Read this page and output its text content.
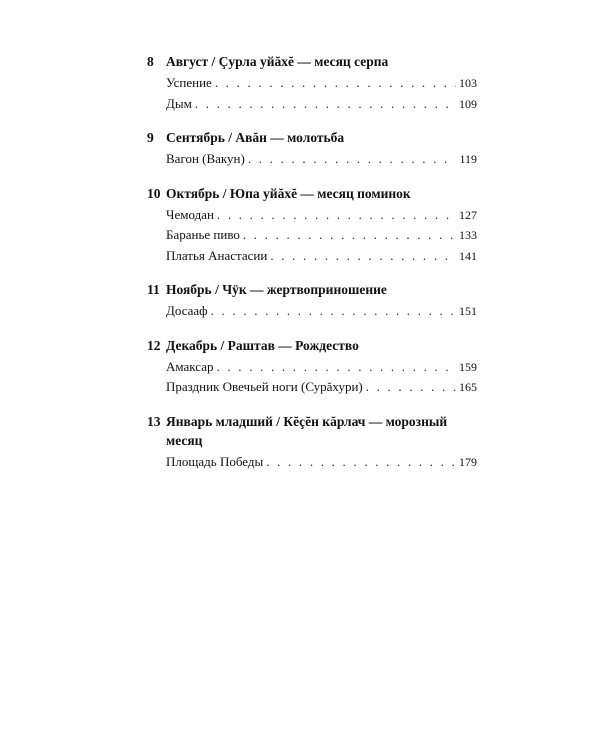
8 Август / Çурла уйăхĕ — месяц серпа
Успение . . .	103
Дым . . .	109
9 Сентябрь / Авăн — молотьба
Вагон (Вакун) . . .	119
10 Октябрь / Юпа уйăхĕ — месяц поминок
Чемодан . . .	127
Баранье пиво . . .	133
Платья Анастасии . . .	141
11 Ноябрь / Чÿк — жертвоприношение
Досааф . . .	151
12 Декабрь / Раштав — Рождество
Амаксар . . .	159
Праздник Овечьей ноги (Сурăхури) . . .	165
13 Январь младший / Кĕçĕн кăрлач — морозный месяц
Площадь Победы . . .	179
